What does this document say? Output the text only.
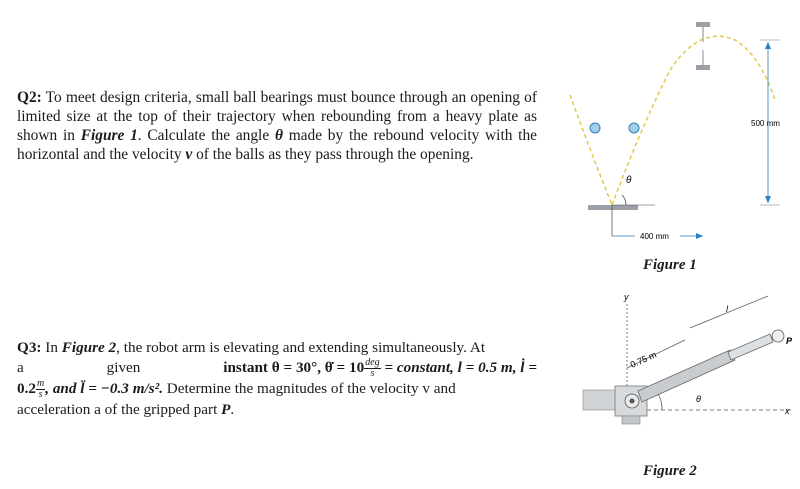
Q2: To meet design criteria, small ball bearings must bounce through an opening of limited size at the top of their trajectory when rebounding from a heavy plate as shown in Figure 1. Calculate the angle θ made by the rebound velocity with the horizontal and the velocity v of the balls as they pass through the opening.
Q3: In Figure 2, the robot arm is elevating and extending simultaneously. At
a	given	instant θ = 30°, θ̇ = $10 \frac{\text{deg}}{s}$ = constant, l = 0.5 m, l̇ =
$0.2 \frac{m}{s}$ , and l̈ = −0.3 m/s². Determine the magnitudes of the velocity v and
acceleration a of the gripped part P.
θ
500 mm
400 mm
Figure 1
y
x
P
0.75 m
l
θ
Figure 2
